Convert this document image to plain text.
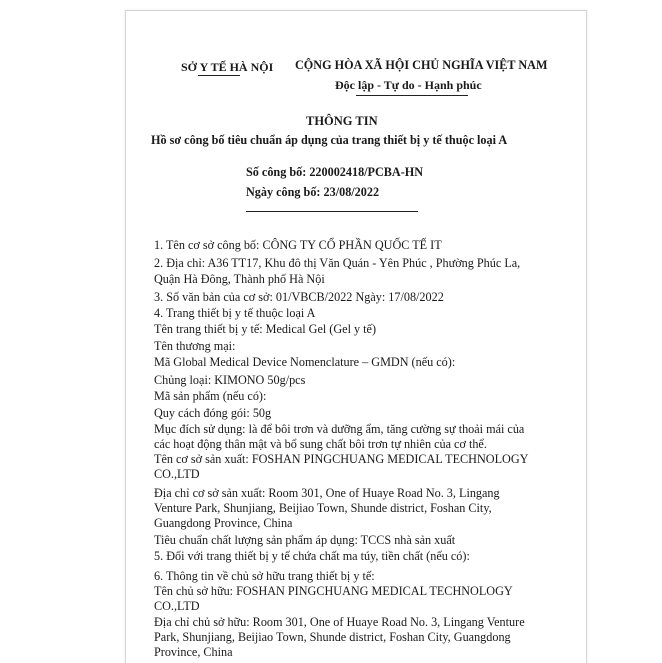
SỞ Y TẾ HÀ NỘI CỘNG HÒA XÃ HỘI CHỦ NGHĨA VIỆT NAM
Độc lập - Tự do - Hạnh phúc
THÔNG TIN
Hồ sơ công bố tiêu chuẩn áp dụng của trang thiết bị y tế thuộc loại A
Số công bố: 220002418/PCBA-HN
Ngày công bố: 23/08/2022
1. Tên cơ sở công bố: CÔNG TY CỔ PHẦN QUỐC TẾ IT
2. Địa chỉ: A36 TT17, Khu đô thị Văn Quán - Yên Phúc , Phường Phúc La,
Quận Hà Đông, Thành phố Hà Nội
3. Số văn bản của cơ sở: 01/VBCB/2022 Ngày: 17/08/2022
4. Trang thiết bị y tế thuộc loại A
Tên trang thiết bị y tế: Medical Gel (Gel y tế)
Tên thương mại:
Mã Global Medical Device Nomenclature – GMDN (nếu có):
Chủng loại: KIMONO 50g/pcs
Mã sản phẩm (nếu có):
Quy cách đóng gói: 50g
Mục đích sử dụng: là để bôi trơn và dưỡng ẩm, tăng cường sự thoải mái của
các hoạt động thân mật và bổ sung chất bôi trơn tự nhiên của cơ thể.
Tên cơ sở sản xuất: FOSHAN PINGCHUANG MEDICAL TECHNOLOGY
CO.,LTD
Địa chỉ cơ sở sản xuất: Room 301, One of Huaye Road No. 3, Lingang
Venture Park, Shunjiang, Beijiao Town, Shunde district, Foshan City,
Guangdong Province, China
Tiêu chuẩn chất lượng sản phẩm áp dụng: TCCS nhà sản xuất
5. Đối với trang thiết bị y tế chứa chất ma túy, tiền chất (nếu có):
6. Thông tin về chủ sở hữu trang thiết bị y tế:
Tên chủ sở hữu: FOSHAN PINGCHUANG MEDICAL TECHNOLOGY
CO.,LTD
Địa chỉ chủ sở hữu: Room 301, One of Huaye Road No. 3, Lingang Venture
Park, Shunjiang, Beijiao Town, Shunde district, Foshan City, Guangdong
Province, China
